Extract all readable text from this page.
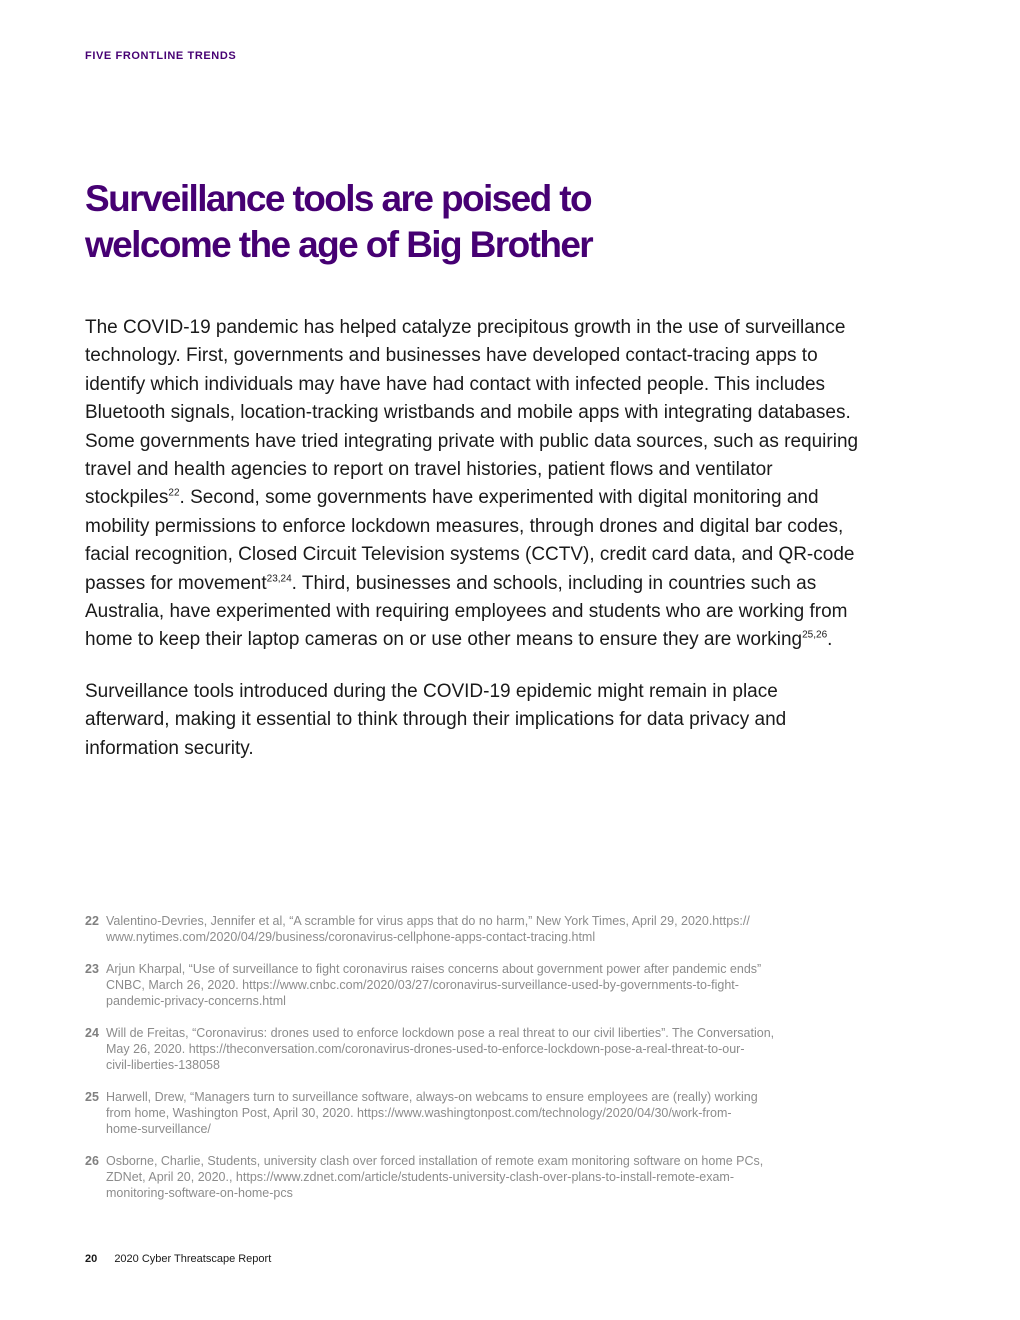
FIVE FRONTLINE TRENDS
Surveillance tools are poised to
welcome the age of Big Brother

The COVID-19 pandemic has helped catalyze precipitous growth in the use of surveillance technology. First, governments and businesses have developed contact-tracing apps to identify which individuals may have have had contact with infected people. This includes Bluetooth signals, location-tracking wristbands and mobile apps with integrating databases. Some governments have tried integrating private with public data sources, such as requiring travel and health agencies to report on travel histories, patient flows and ventilator stockpiles$^{22}$. Second, some governments have experimented with digital monitoring and mobility permissions to enforce lockdown measures, through drones and digital bar codes, facial recognition, Closed Circuit Television systems (CCTV), credit card data, and QR-code passes for movement$^{23,24}$. Third, businesses and schools, including in countries such as Australia, have experimented with requiring employees and students who are working from home to keep their laptop cameras on or use other means to ensure they are working$^{25,26}$.

Surveillance tools introduced during the COVID-19 epidemic might remain in place afterward, making it essential to think through their implications for data privacy and information security.

22 Valentino-Devries, Jennifer et al, “A scramble for virus apps that do no harm,” New York Times, April 29, 2020.https://
www.nytimes.com/2020/04/29/business/coronavirus-cellphone-apps-contact-tracing.html
23 Arjun Kharpal, “Use of surveillance to fight coronavirus raises concerns about government power after pandemic ends”
CNBC, March 26, 2020. https://www.cnbc.com/2020/03/27/coronavirus-surveillance-used-by-governments-to-fight-
pandemic-privacy-concerns.html
24 Will de Freitas, “Coronavirus: drones used to enforce lockdown pose a real threat to our civil liberties”. The Conversation,
May 26, 2020. https://theconversation.com/coronavirus-drones-used-to-enforce-lockdown-pose-a-real-threat-to-our-
civil-liberties-138058
25 Harwell, Drew, “Managers turn to surveillance software, always-on webcams to ensure employees are (really) working
from home, Washington Post, April 30, 2020. https://www.washingtonpost.com/technology/2020/04/30/work-from-
home-surveillance/
26 Osborne, Charlie, Students, university clash over forced installation of remote exam monitoring software on home PCs,
ZDNet, April 20, 2020., https://www.zdnet.com/article/students-university-clash-over-plans-to-install-remote-exam-
monitoring-software-on-home-pcs
20 2020 Cyber Threatscape Report
